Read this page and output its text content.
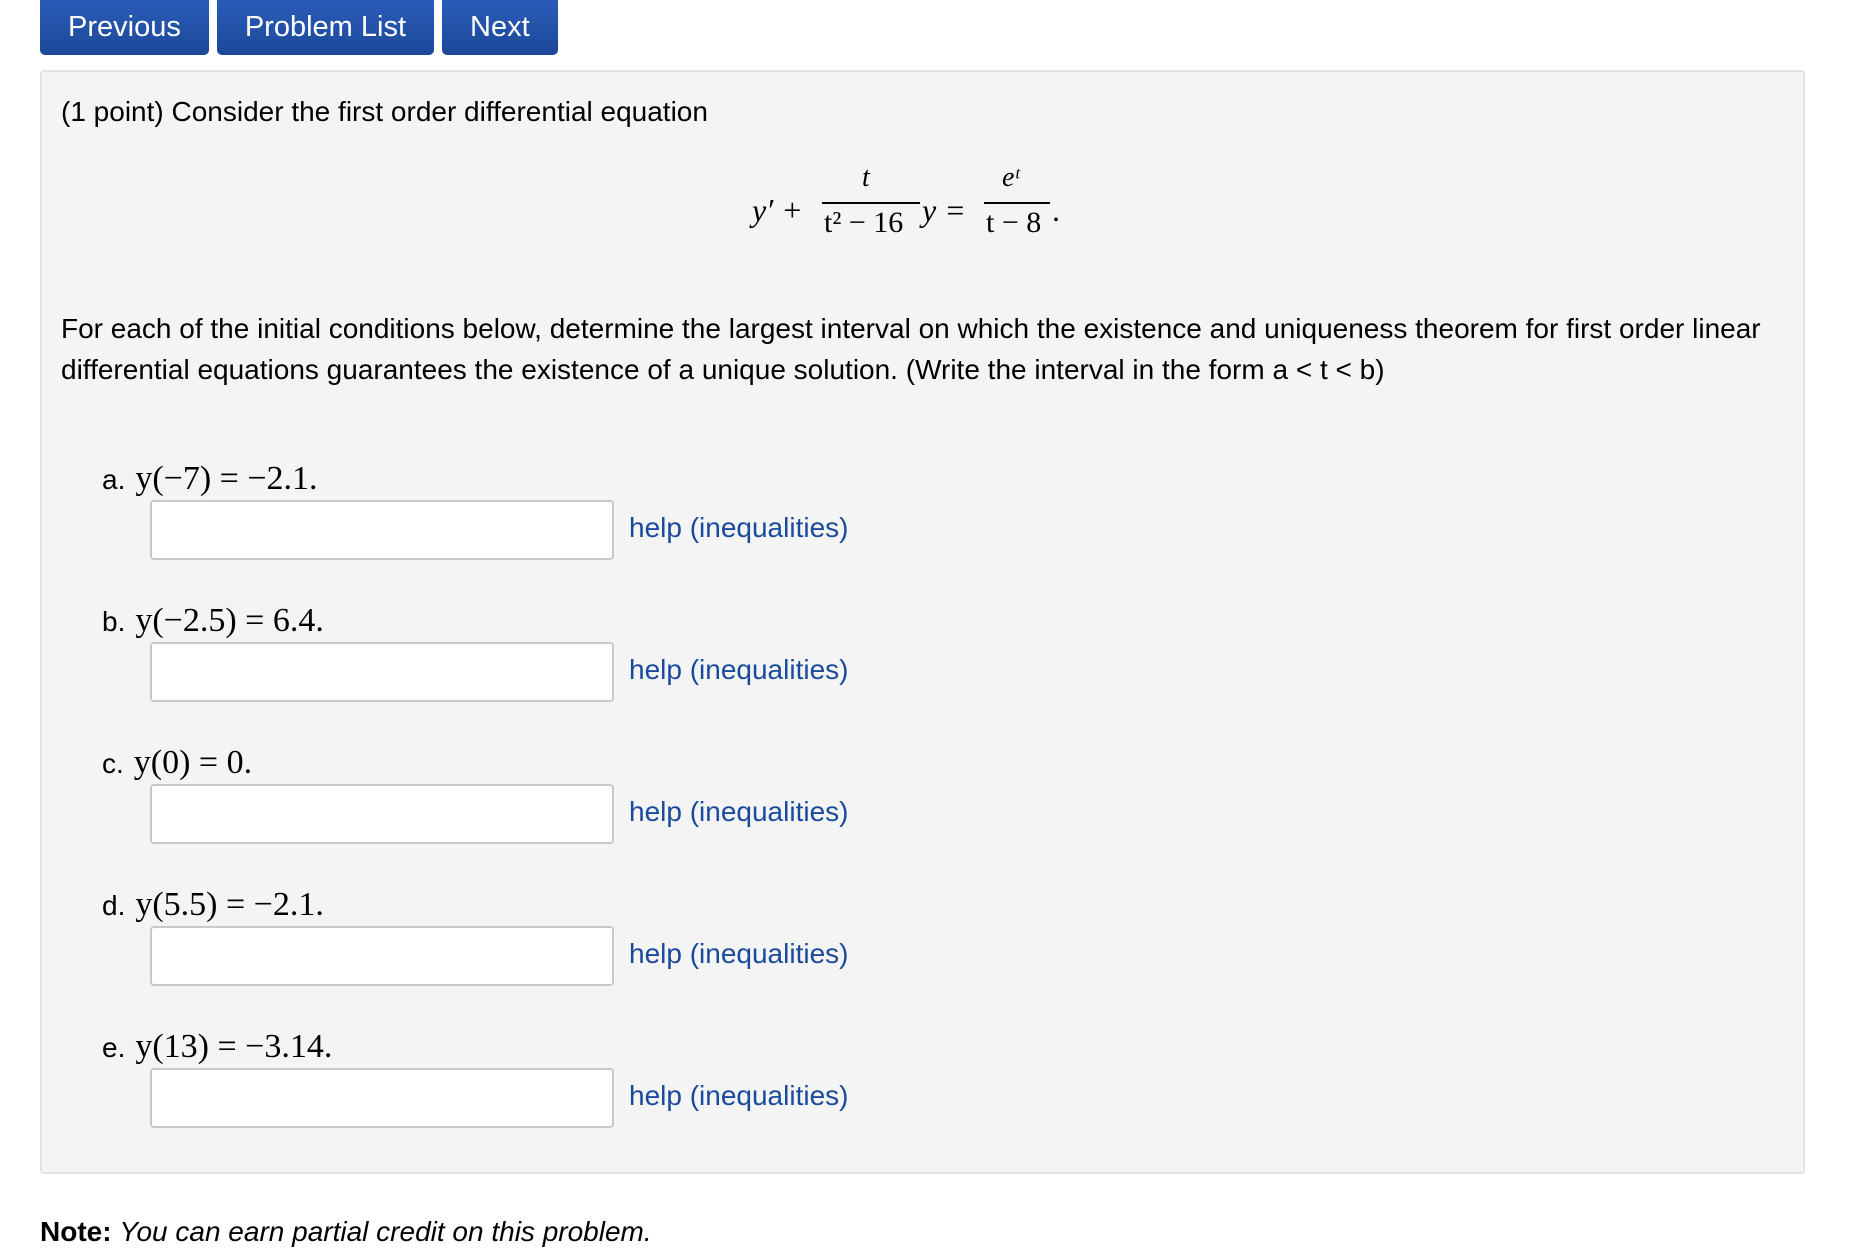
Previous	Problem List	Next
(1 point) Consider the first order differential equation
y′ +
t
t² − 16 y =
eᵗ
t − 8 .
For each of the initial conditions below, determine the largest interval on which the existence and uniqueness theorem for first order linear differential equations guarantees the existence of a unique solution. (Write the interval in the form a < t < b)
a. y(−7) = −2.1.
help (inequalities)
b. y(−2.5) = 6.4.
help (inequalities)
c. y(0) = 0.
help (inequalities)
d. y(5.5) = −2.1.
help (inequalities)
e. y(13) = −3.14.
help (inequalities)
Note: You can earn partial credit on this problem.
